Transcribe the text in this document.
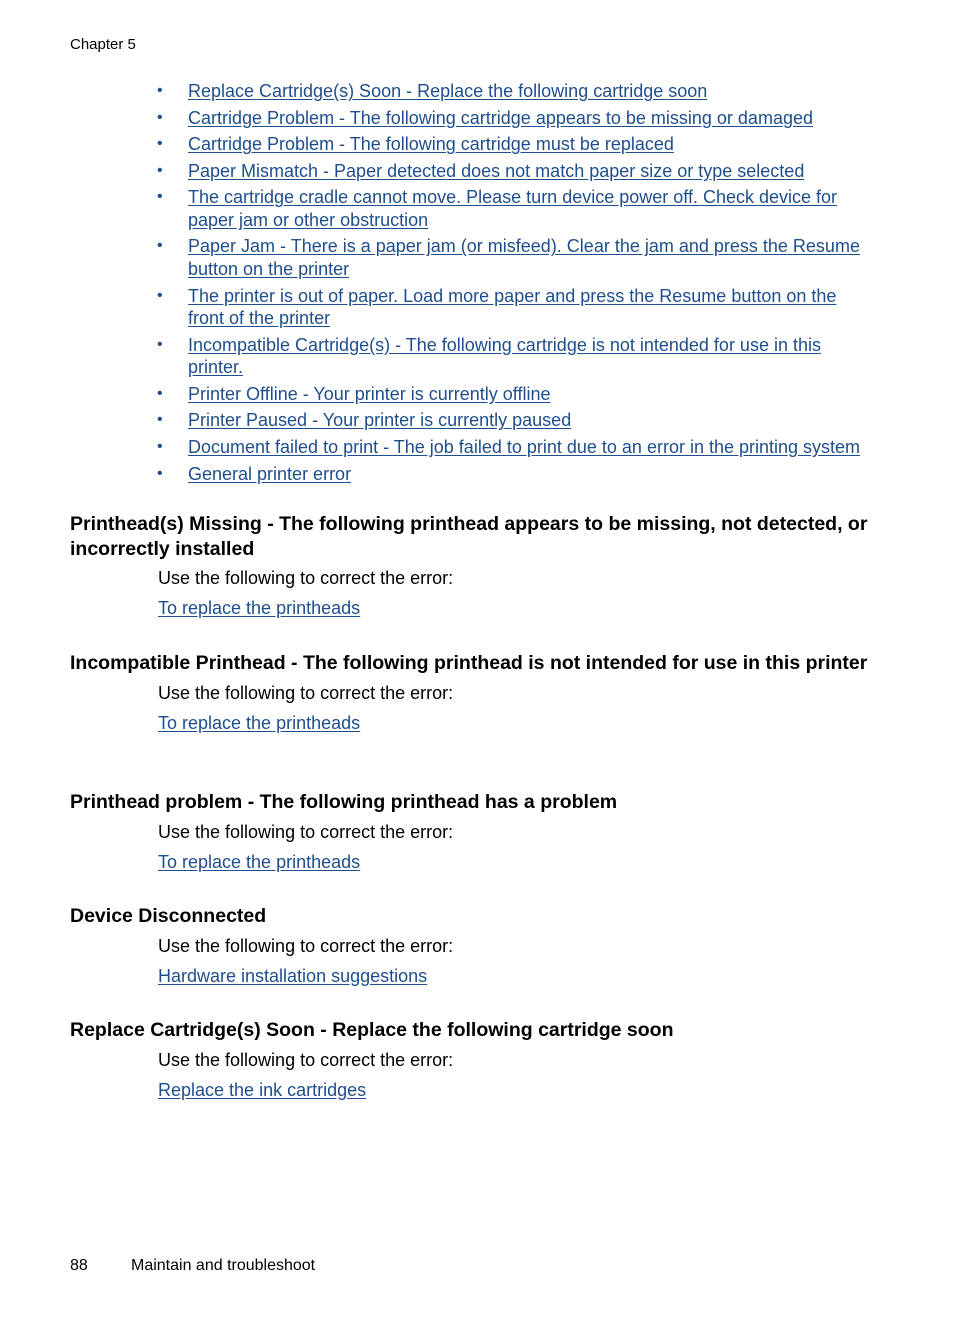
Chapter 5
• Replace Cartridge(s) Soon - Replace the following cartridge soon
• Cartridge Problem - The following cartridge appears to be missing or damaged
• Cartridge Problem - The following cartridge must be replaced
• Paper Mismatch - Paper detected does not match paper size or type selected
• The cartridge cradle cannot move. Please turn device power off. Check device for paper jam or other obstruction
• Paper Jam - There is a paper jam (or misfeed). Clear the jam and press the Resume button on the printer
• The printer is out of paper. Load more paper and press the Resume button on the front of the printer
• Incompatible Cartridge(s) - The following cartridge is not intended for use in this printer.
• Printer Offline - Your printer is currently offline
• Printer Paused - Your printer is currently paused
• Document failed to print - The job failed to print due to an error in the printing system
• General printer error
Printhead(s) Missing - The following printhead appears to be missing, not detected, or incorrectly installed
Use the following to correct the error:
To replace the printheads
Incompatible Printhead - The following printhead is not intended for use in this printer
Use the following to correct the error:
To replace the printheads
Printhead problem - The following printhead has a problem
Use the following to correct the error:
To replace the printheads
Device Disconnected
Use the following to correct the error:
Hardware installation suggestions
Replace Cartridge(s) Soon - Replace the following cartridge soon
Use the following to correct the error:
Replace the ink cartridges
88	Maintain and troubleshoot
